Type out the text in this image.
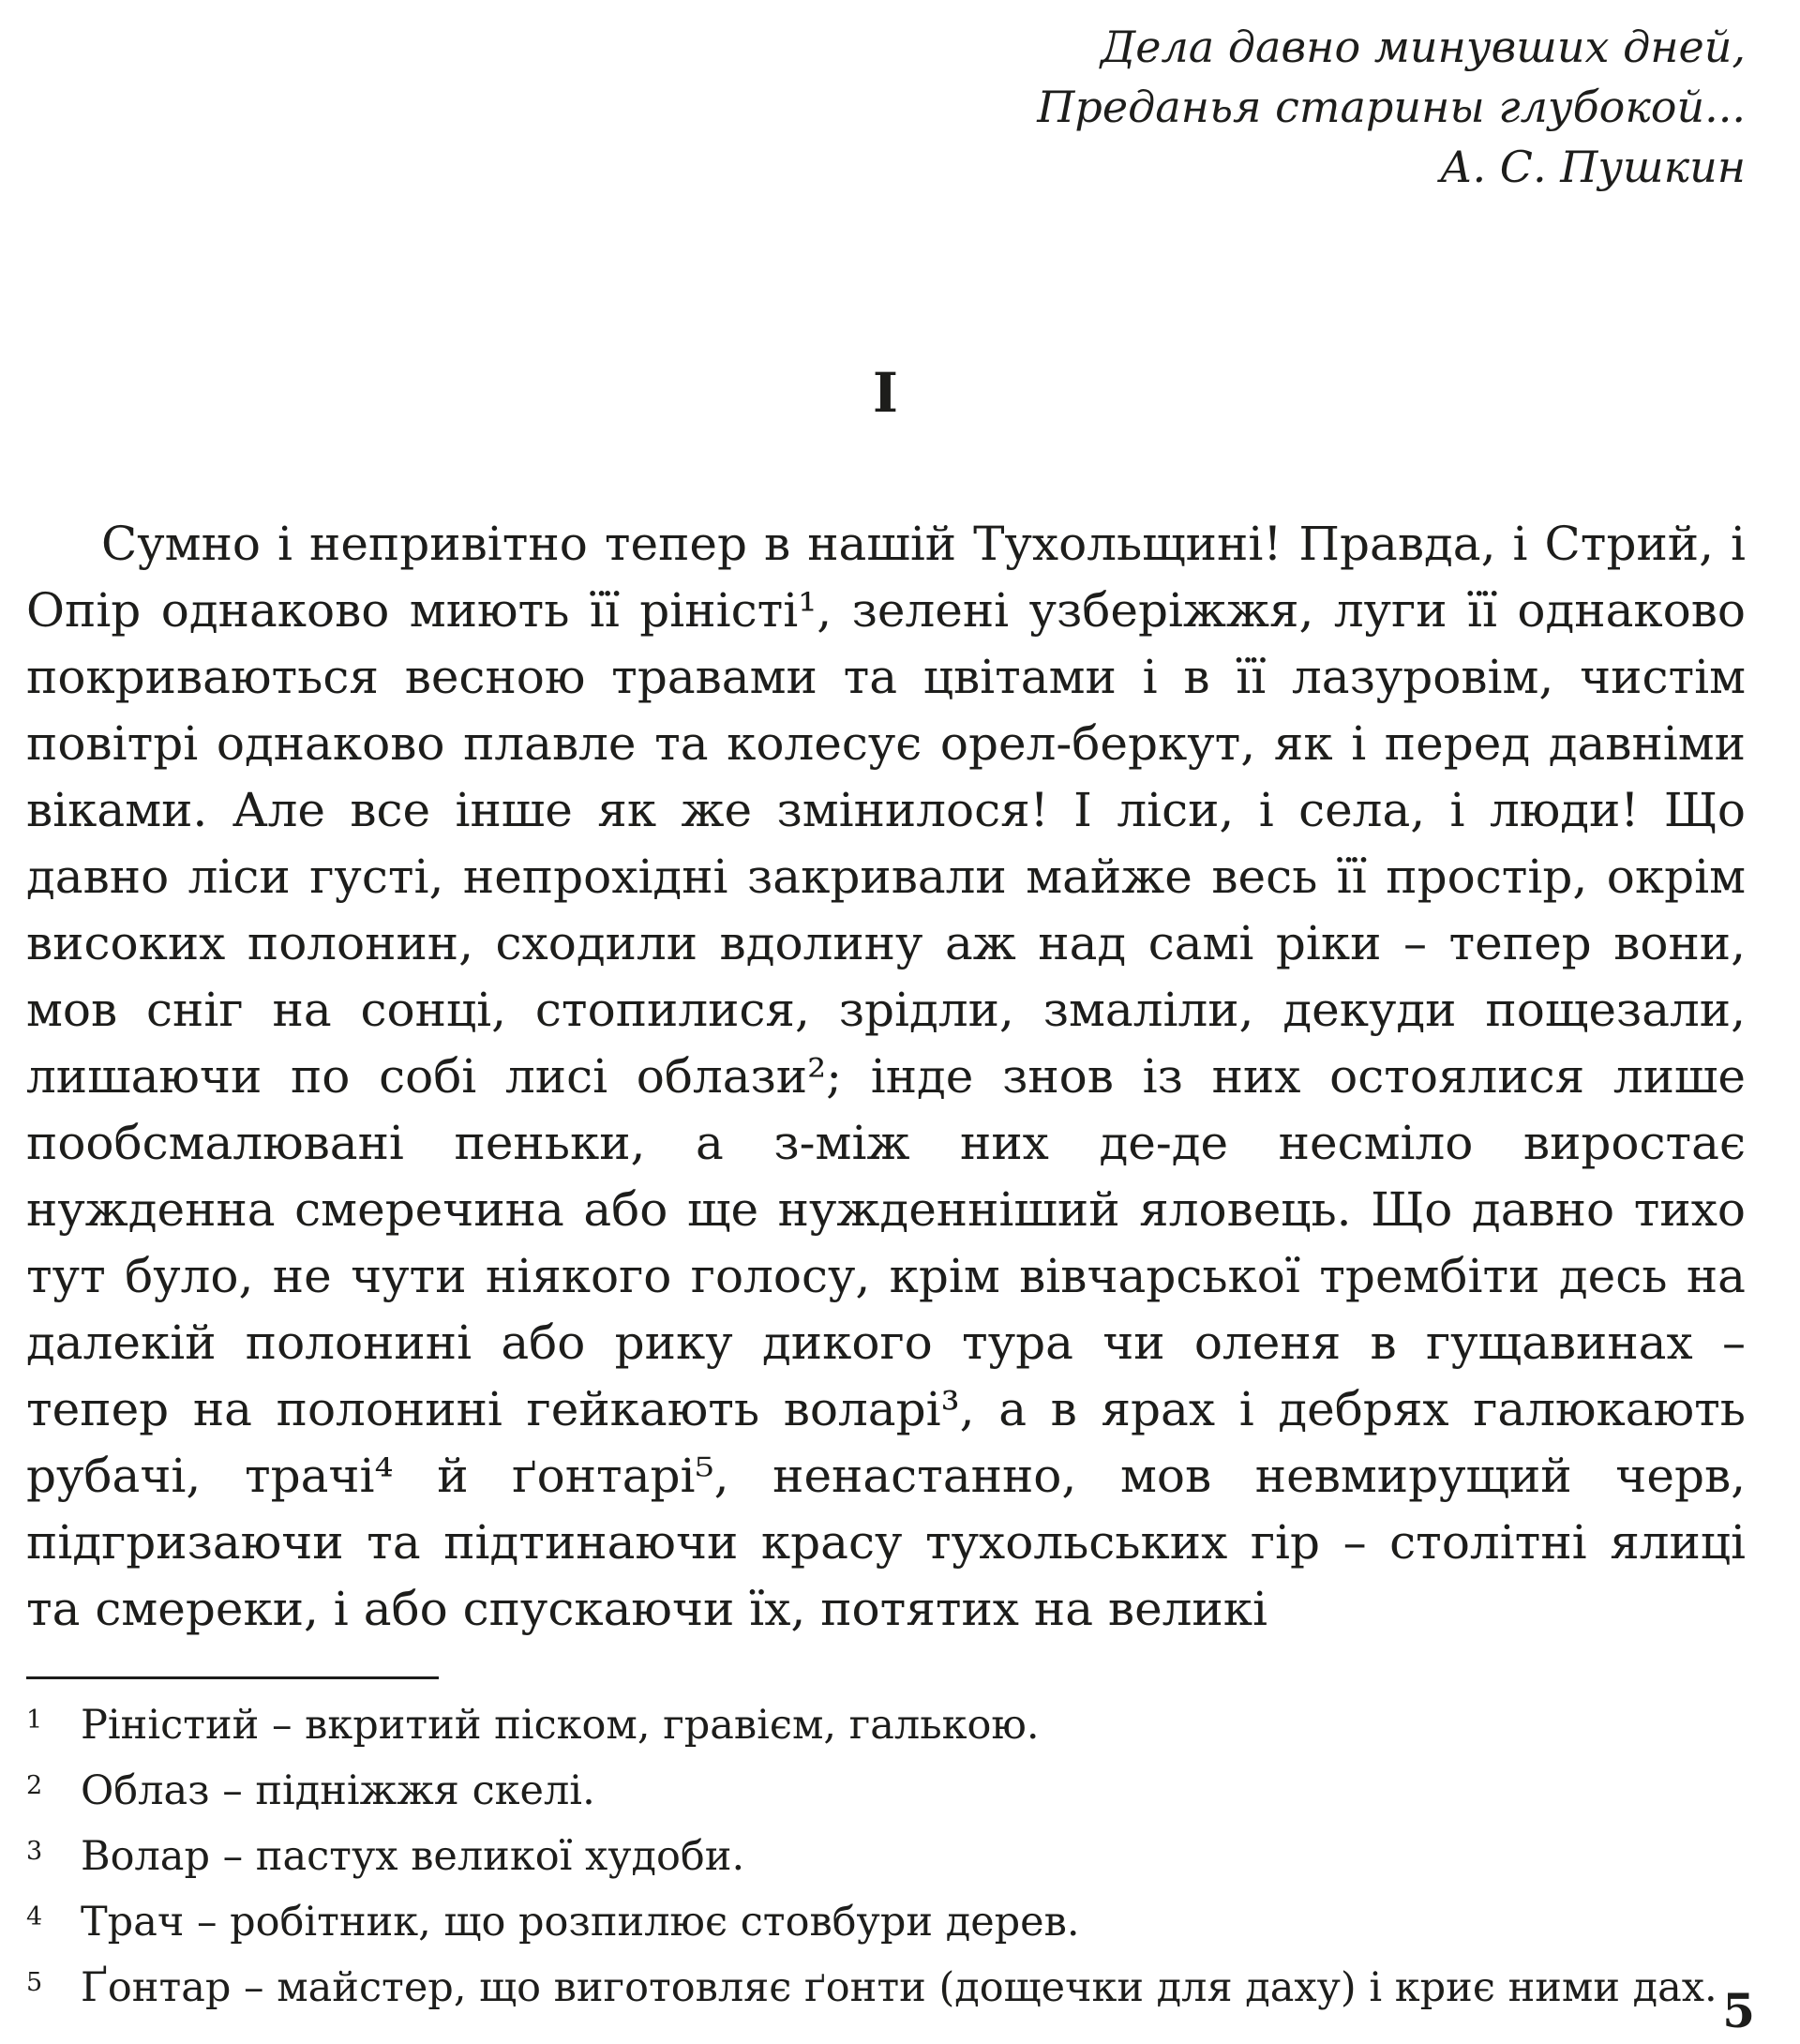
Дела давно минувших дней,
Преданья старины глубокой...
А. С. Пушкин
I

Сумно і непривітно тепер в нашій Тухольщині! Правда, і Стрий, і Опір однаково миють її ріністі¹, зелені узберіжжя, луги її однаково покриваються весною травами та цвітами і в її лазуровім, чистім повітрі однаково плавле та колесує орел-беркут, як і перед давніми віками. Але все інше як же змінилося! І ліси, і села, і люди! Що давно ліси густі, непрохідні закривали майже весь її простір, окрім високих полонин, сходили вдолину аж над самі ріки – тепер вони, мов сніг на сонці, стопилися, зрідли, змаліли, декуди пощезали, лишаючи по собі лисі облази²; інде знов із них остоялися лише пообсмалювані пеньки, а з-між них де-де несміло виростає нужденна смеречина або ще нужденніший яловець. Що давно тихо тут було, не чути ніякого голосу, крім вівчарської трембіти десь на далекій полонині або рику дикого тура чи оленя в гущавинах – тепер на полонині гейкають воларі³, а в ярах і дебрях галюкають рубачі, трачі⁴ й ґонтарі⁵, ненастанно, мов невмирущий черв, підгризаючи та підтинаючи красу тухольських гір – столітні ялиці та смереки, і або спускаючи їх, потятих на великі

1 Ріністий – вкритий піском, гравієм, галькою.
2 Облаз – підніжжя скелі.
3 Волар – пастух великої худоби.
4 Трач – робітник, що розпилює стовбури дерев.
5 Ґонтар – майстер, що виготовляє ґонти (дощечки для даху) і криє ними дах. 5
